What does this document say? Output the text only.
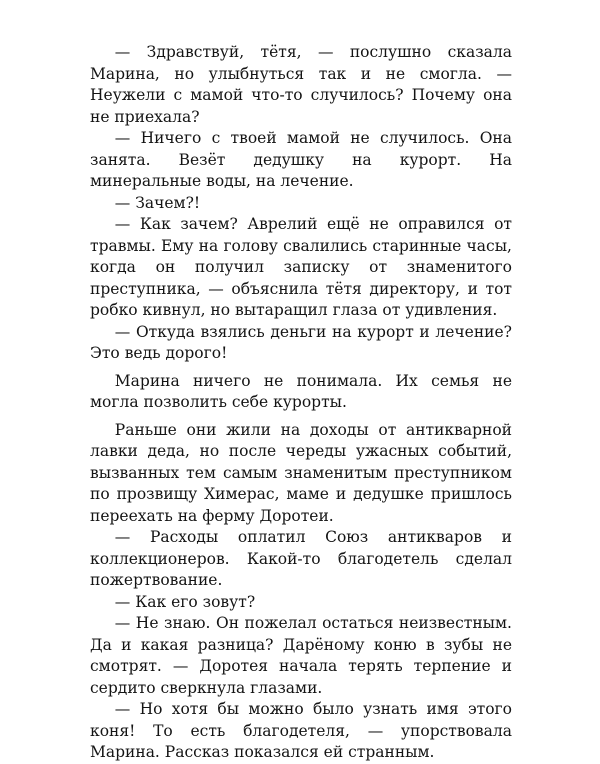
— Здравствуй, тётя, — послушно сказала Марина, но улыбнуться так и не смогла. — Неужели с мамой что-то случилось? Почему она не приехала?

— Ничего с твоей мамой не случилось. Она занята. Везёт дедушку на курорт. На минеральные воды, на лечение.

— Зачем?!

— Как зачем? Аврелий ещё не оправился от травмы. Ему на голову свалились старинные часы, когда он получил записку от знаменитого преступника, — объяснила тётя директору, и тот робко кивнул, но вытаращил глаза от удивления.

— Откуда взялись деньги на курорт и лечение? Это ведь дорого!

Марина ничего не понимала. Их семья не могла позволить себе курорты.

Раньше они жили на доходы от антикварной лавки деда, но после череды ужасных событий, вызванных тем самым знаменитым преступником по прозвищу Химерас, маме и дедушке пришлось переехать на ферму Доротеи.

— Расходы оплатил Союз антикваров и коллекционеров. Какой-то благодетель сделал пожертвование.

— Как его зовут?

— Не знаю. Он пожелал остаться неизвестным. Да и какая разница? Дарёному коню в зубы не смотрят. — Доротея начала терять терпение и сердито сверкнула глазами.

— Но хотя бы можно было узнать имя этого коня! То есть благодетеля, — упорствовала Марина. Рассказ показался ей странным.
